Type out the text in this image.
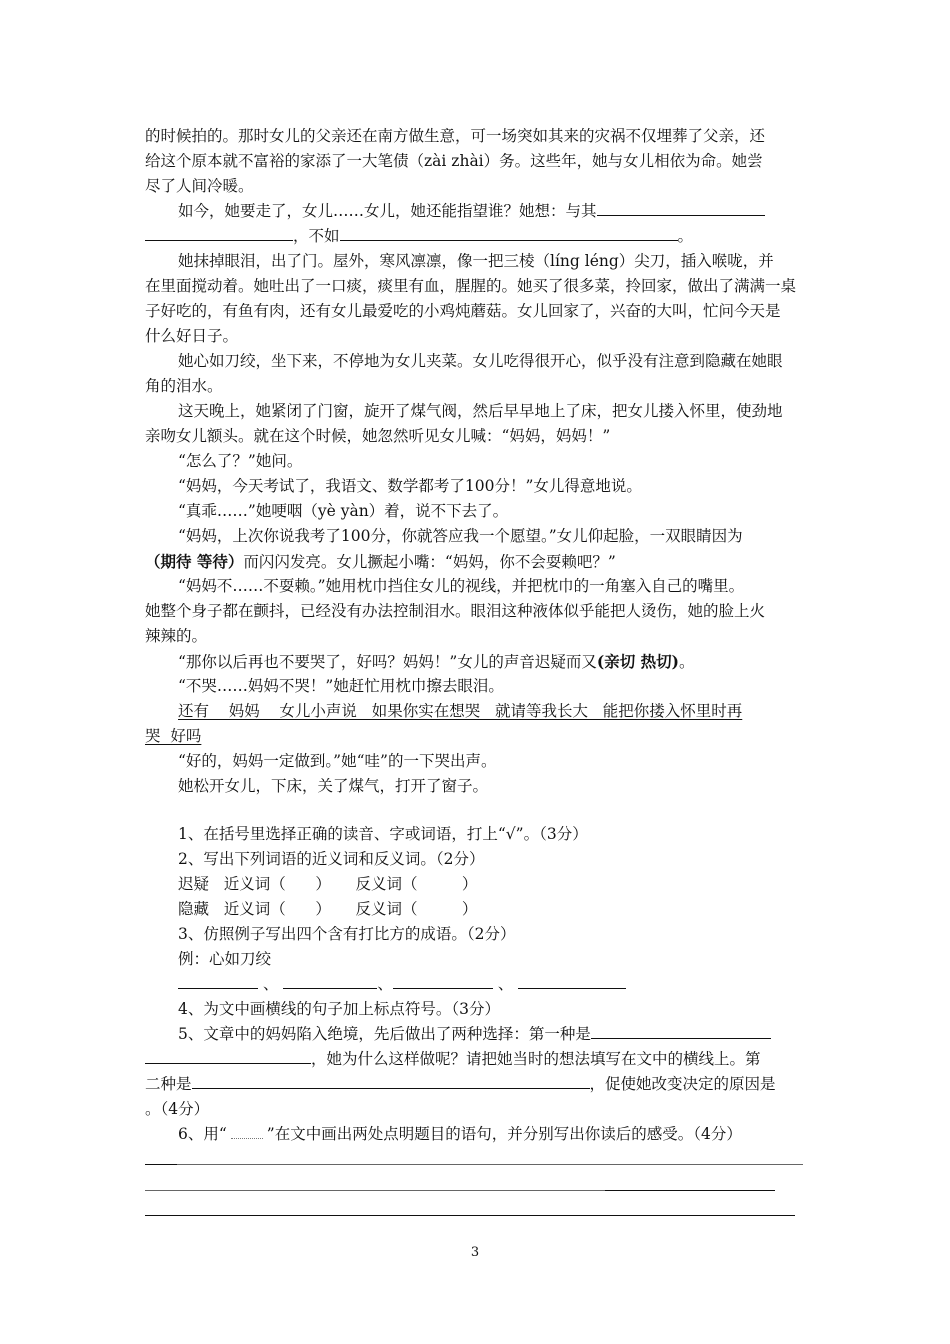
的时候拍的。那时女儿的父亲还在南方做生意，可一场突如其来的灾祸不仅埋葬了父亲，还
给这个原本就不富裕的家添了一大笔债（zài zhài）务。这些年，她与女儿相依为命。她尝
尽了人间冷暖。
如今，她要走了，女儿……女儿，她还能指望谁？她想：与其
，不如	。
她抹掉眼泪，出了门。屋外，寒风凛凛，像一把三棱（líng léng）尖刀，插入喉咙，并
在里面搅动着。她吐出了一口痰，痰里有血，腥腥的。她买了很多菜，拎回家，做出了满满一桌
子好吃的，有鱼有肉，还有女儿最爱吃的小鸡炖蘑菇。女儿回家了，兴奋的大叫，忙问今天是
什么好日子。
她心如刀绞，坐下来，不停地为女儿夹菜。女儿吃得很开心，似乎没有注意到隐藏在她眼
角的泪水。
这天晚上，她紧闭了门窗，旋开了煤气阀，然后早早地上了床，把女儿搂入怀里，使劲地
亲吻女儿额头。就在这个时候，她忽然听见女儿喊：“妈妈，妈妈！”
“怎么了？”她问。
“妈妈，今天考试了，我语文、数学都考了100分！”女儿得意地说。
“真乖……”她哽咽（yè yàn）着，说不下去了。
“妈妈，上次你说我考了100分，你就答应我一个愿望。”女儿仰起脸，一双眼睛因为
（期待 等待）而闪闪发亮。女儿撅起小嘴：“妈妈，你不会耍赖吧？”
“妈妈不……不耍赖。”她用枕巾挡住女儿的视线，并把枕巾的一角塞入自己的嘴里。
她整个身子都在颤抖，已经没有办法控制泪水。眼泪这种液体似乎能把人烫伤，她的脸上火
辣辣的。
“那你以后再也不要哭了，好吗？妈妈！”女儿的声音迟疑而又(亲切 热切)。
“不哭……妈妈不哭！”她赶忙用枕巾擦去眼泪。
还有    妈妈    女儿小声说   如果你实在想哭   就请等我长大   能把你搂入怀里时再
哭  好吗
“好的，妈妈一定做到。”她“哇”的一下哭出声。
她松开女儿，下床，关了煤气，打开了窗子。
1、在括号里选择正确的读音、字或词语，打上“√”。（3分）
2、写出下列词语的近义词和反义词。（2分）
迟疑   近义词（      ）     反义词（         ）
隐藏   近义词（      ）     反义词（         ）
3、仿照例子写出四个含有打比方的成语。（2分）
例：心如刀绞
、	、	、
4、为文中画横线的句子加上标点符号。（3分）
5、文章中的妈妈陷入绝境，先后做出了两种选择：第一种是
，她为什么这样做呢？请把她当时的想法填写在文中的横线上。第
二种是	，促使她改变决定的原因是
。（4分）
6、用“	”在文中画出两处点明题目的语句，并分别写出你读后的感受。（4分）
3
